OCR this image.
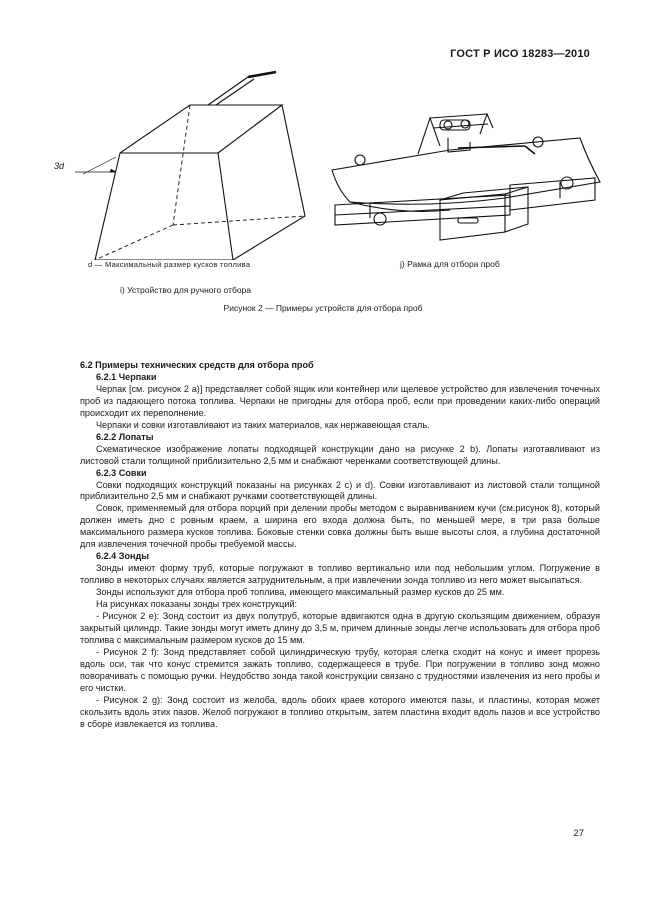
ГОСТ Р ИСО 18283—2010
3d
d — Максимальный размер кусков топлива	j) Рамка для отбора проб
i) Устройство для ручного отбора
Рисунок 2 — Примеры устройств для отбора проб

6.2 Примеры технических средств для отбора проб

6.2.1 Черпаки

Черпак [см. рисунок 2 а)] представляет собой ящик или контейнер или щелевое устройство для извлечения точечных проб из падающего потока топлива. Черпаки не пригодны для отбора проб, если при проведении каких-либо операций происходит их переполнение.

Черпаки и совки изготавливают из таких материалов, как нержавеющая сталь.

6.2.2 Лопаты

Схематическое изображение лопаты подходящей конструкции дано на рисунке 2 b). Лопаты изготавливают из листовой стали толщиной приблизительно 2,5 мм и снабжают черенками соответствующей длины.

6.2.3 Совки

Совки подходящих конструкций показаны на рисунках 2 с) и d). Совки изготавливают из листовой стали толщиной приблизительно 2,5 мм и снабжают ручками соответствующей длины.

Совок, применяемый для отбора порций при делении пробы методом с выравниванием кучи (см.рисунок 8), который должен иметь дно с ровным краем, а ширина его входа должна быть, по меньшей мере, в три раза больше максимального размера кусков топлива. Боковые стенки совка должны быть выше высоты слоя, а глубина достаточной для извлечения точечной пробы требуемой массы.

6.2.4 Зонды

Зонды имеют форму труб, которые погружают в топливо вертикально или под небольшим углом. Погружение в топливо в некоторых случаях является затруднительным, а при извлечении зонда топливо из него может высыпаться.

Зонды используют для отбора проб топлива, имеющего максимальный размер кусков до 25 мм.

На рисунках показаны зонды трех конструкций:

- Рисунок 2 е): Зонд состоит из двух полутруб, которые вдвигаются одна в другую скользящим движением, образуя закрытый цилиндр. Такие зонды могут иметь длину до 3,5 м, причем длинные зонды легче использовать для отбора проб топлива с максимальным размером кусков до 15 мм.

- Рисунок 2 f): Зонд представляет собой цилиндрическую трубу, которая слегка сходит на конус и имеет прорезь вдоль оси, так что конус стремится зажать топливо, содержащееся в трубе. При погружении в топливо зонд можно поворачивать с помощью ручки. Неудобство зонда такой конструкции связано с трудностями извлечения из него пробы и его чистки.

- Рисунок 2 g): Зонд состоит из желоба, вдоль обоих краев которого имеются пазы, и пластины, которая может скользить вдоль этих пазов. Желоб погружают в топливо открытым, затем пластина входит вдоль пазов и все устройство в сборе извлекается из топлива.

27
